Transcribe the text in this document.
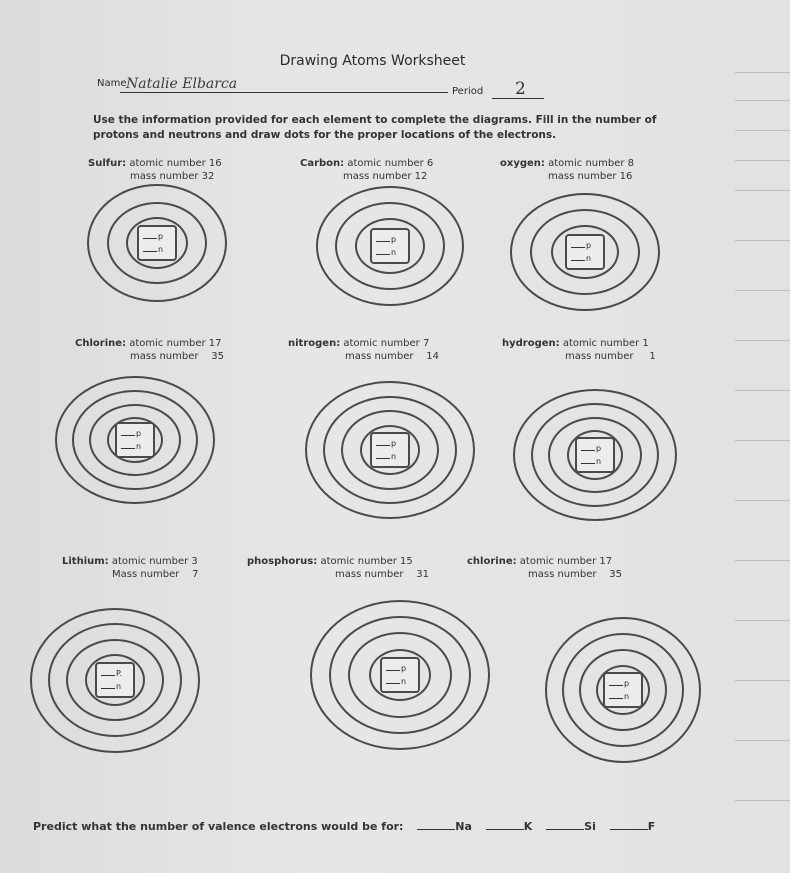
Drawing Atoms Worksheet
Name Natalie Elbarca	Period 2
Use the information provided for each element to complete the diagrams. Fill in the number of protons and neutrons and draw dots for the proper locations of the electrons.
Sulfur: atomic number 16
mass number 32
p
n
Carbon: atomic number 6
mass number 12
p
n
oxygen: atomic number 8
mass number 16
p
n
Chlorine: atomic number 17
mass number    35
p
n
nitrogen: atomic number 7
mass number    14
p
n
hydrogen: atomic number 1
mass number     1
p
n
Lithium: atomic number 3
Mass number    7
P.
n
phosphorus: atomic number 15
mass number    31
p
n
chlorine: atomic number 17
mass number    35
p
n
Predict what the number of valence electrons would be for:	Na	K	Si	F
